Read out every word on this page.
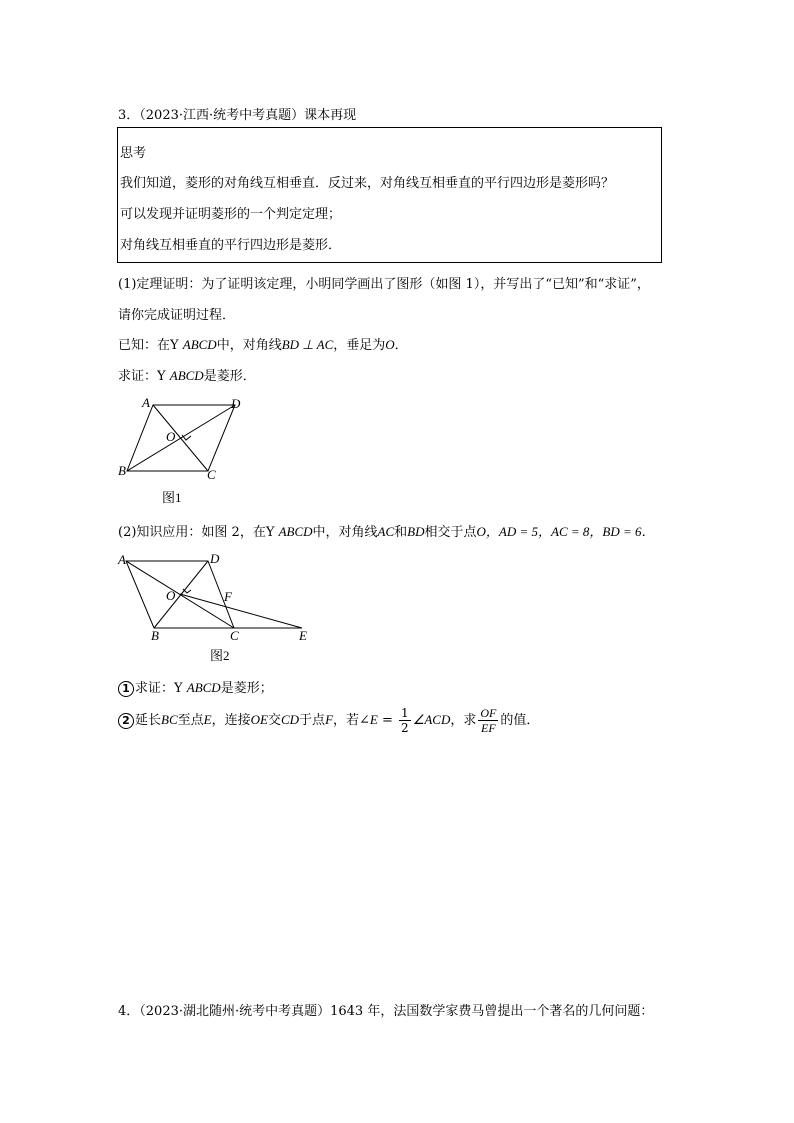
3．（2023·江西·统考中考真题）课本再现
思考
我们知道，菱形的对角线互相垂直．反过来，对角线互相垂直的平行四边形是菱形吗？
可以发现并证明菱形的一个判定定理；
对角线互相垂直的平行四边形是菱形．
(1)定理证明：为了证明该定理，小明同学画出了图形（如图 1），并写出了“已知”和“求证”，
请你完成证明过程．
已知：在Y ABCD中，对角线BD ⊥ AC，垂足为O．
求证：Y ABCD是菱形．
A	D
O
B	C
图1
(2)知识应用：如图 2，在Y ABCD中，对角线AC和BD相交于点O，AD = 5，AC = 8，BD = 6．
A	D
O	F
B	C	E
图2
1 求证：Y ABCD是菱形；
2 延长BC至点E，连接OE交CD于点F，若∠E = $\frac{1}{2}$ ∠ACD，求 $\frac{OF}{EF}$ 的值．
4．（2023·湖北随州·统考中考真题）1643 年，法国数学家费马曾提出一个著名的几何问题：
